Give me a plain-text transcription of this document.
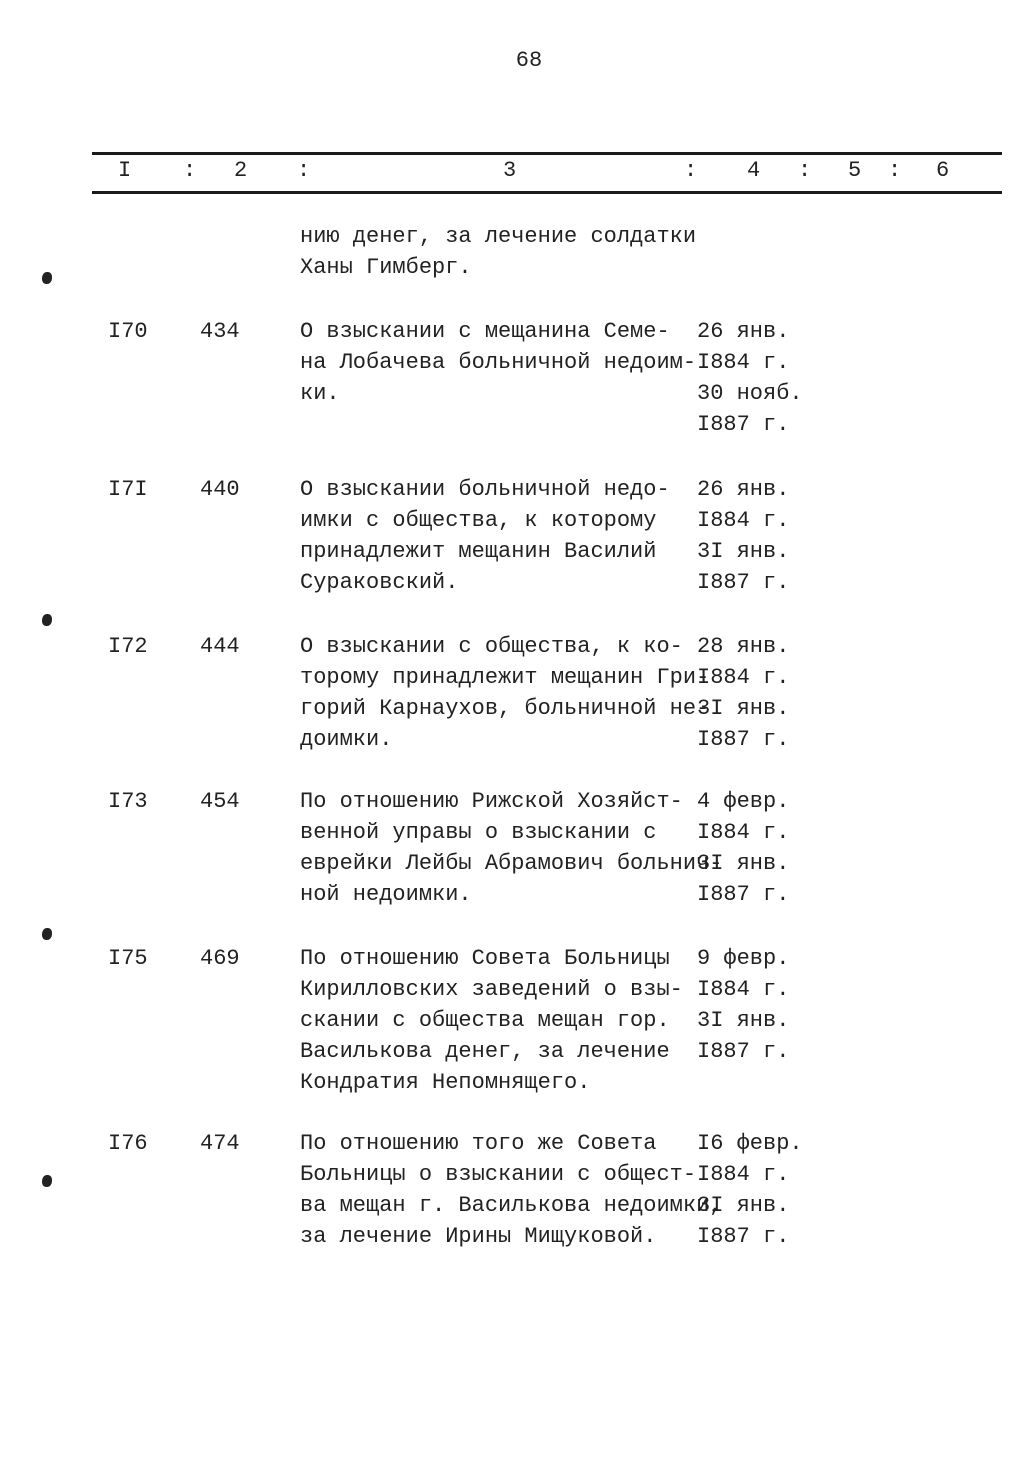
68
I : 2 :	3	: 4 : 5 : 6
нию денег, за лечение солдатки
Ханы Гимберг.
I70 434	О взыскании с мещанина Семе-
на Лобачева больничной недоим-
ки.
26 янв.
I884 г.
30 нояб.
I887 г.
I7I 440	О взыскании больничной недо-
имки с общества, к которому
принадлежит мещанин Василий
Сураковский.
26 янв.
I884 г.
3I янв.
I887 г.
I72 444	О взыскании с общества, к ко-
торому принадлежит мещанин Гри-
горий Карнаухов, больничной не-
доимки.
28 янв.
I884 г.
3I янв.
I887 г.
I73 454	По отношению Рижской Хозяйст-
венной управы о взыскании с
еврейки Лейбы Абрамович больнич-
ной недоимки.
4 февр.
I884 г.
3I янв.
I887 г.
I75 469	По отношению Совета Больницы
Кирилловских заведений о взы-
скании с общества мещан гор.
Василькова денег, за лечение
Кондратия Непомнящего.
9 февр.
I884 г.
3I янв.
I887 г.
I76 474	По отношению того же Совета
Больницы о взыскании с общест-
ва мещан г. Василькова недоимки,
за лечение Ирины Мищуковой.
I6 февр.
I884 г.
3I янв.
I887 г.
